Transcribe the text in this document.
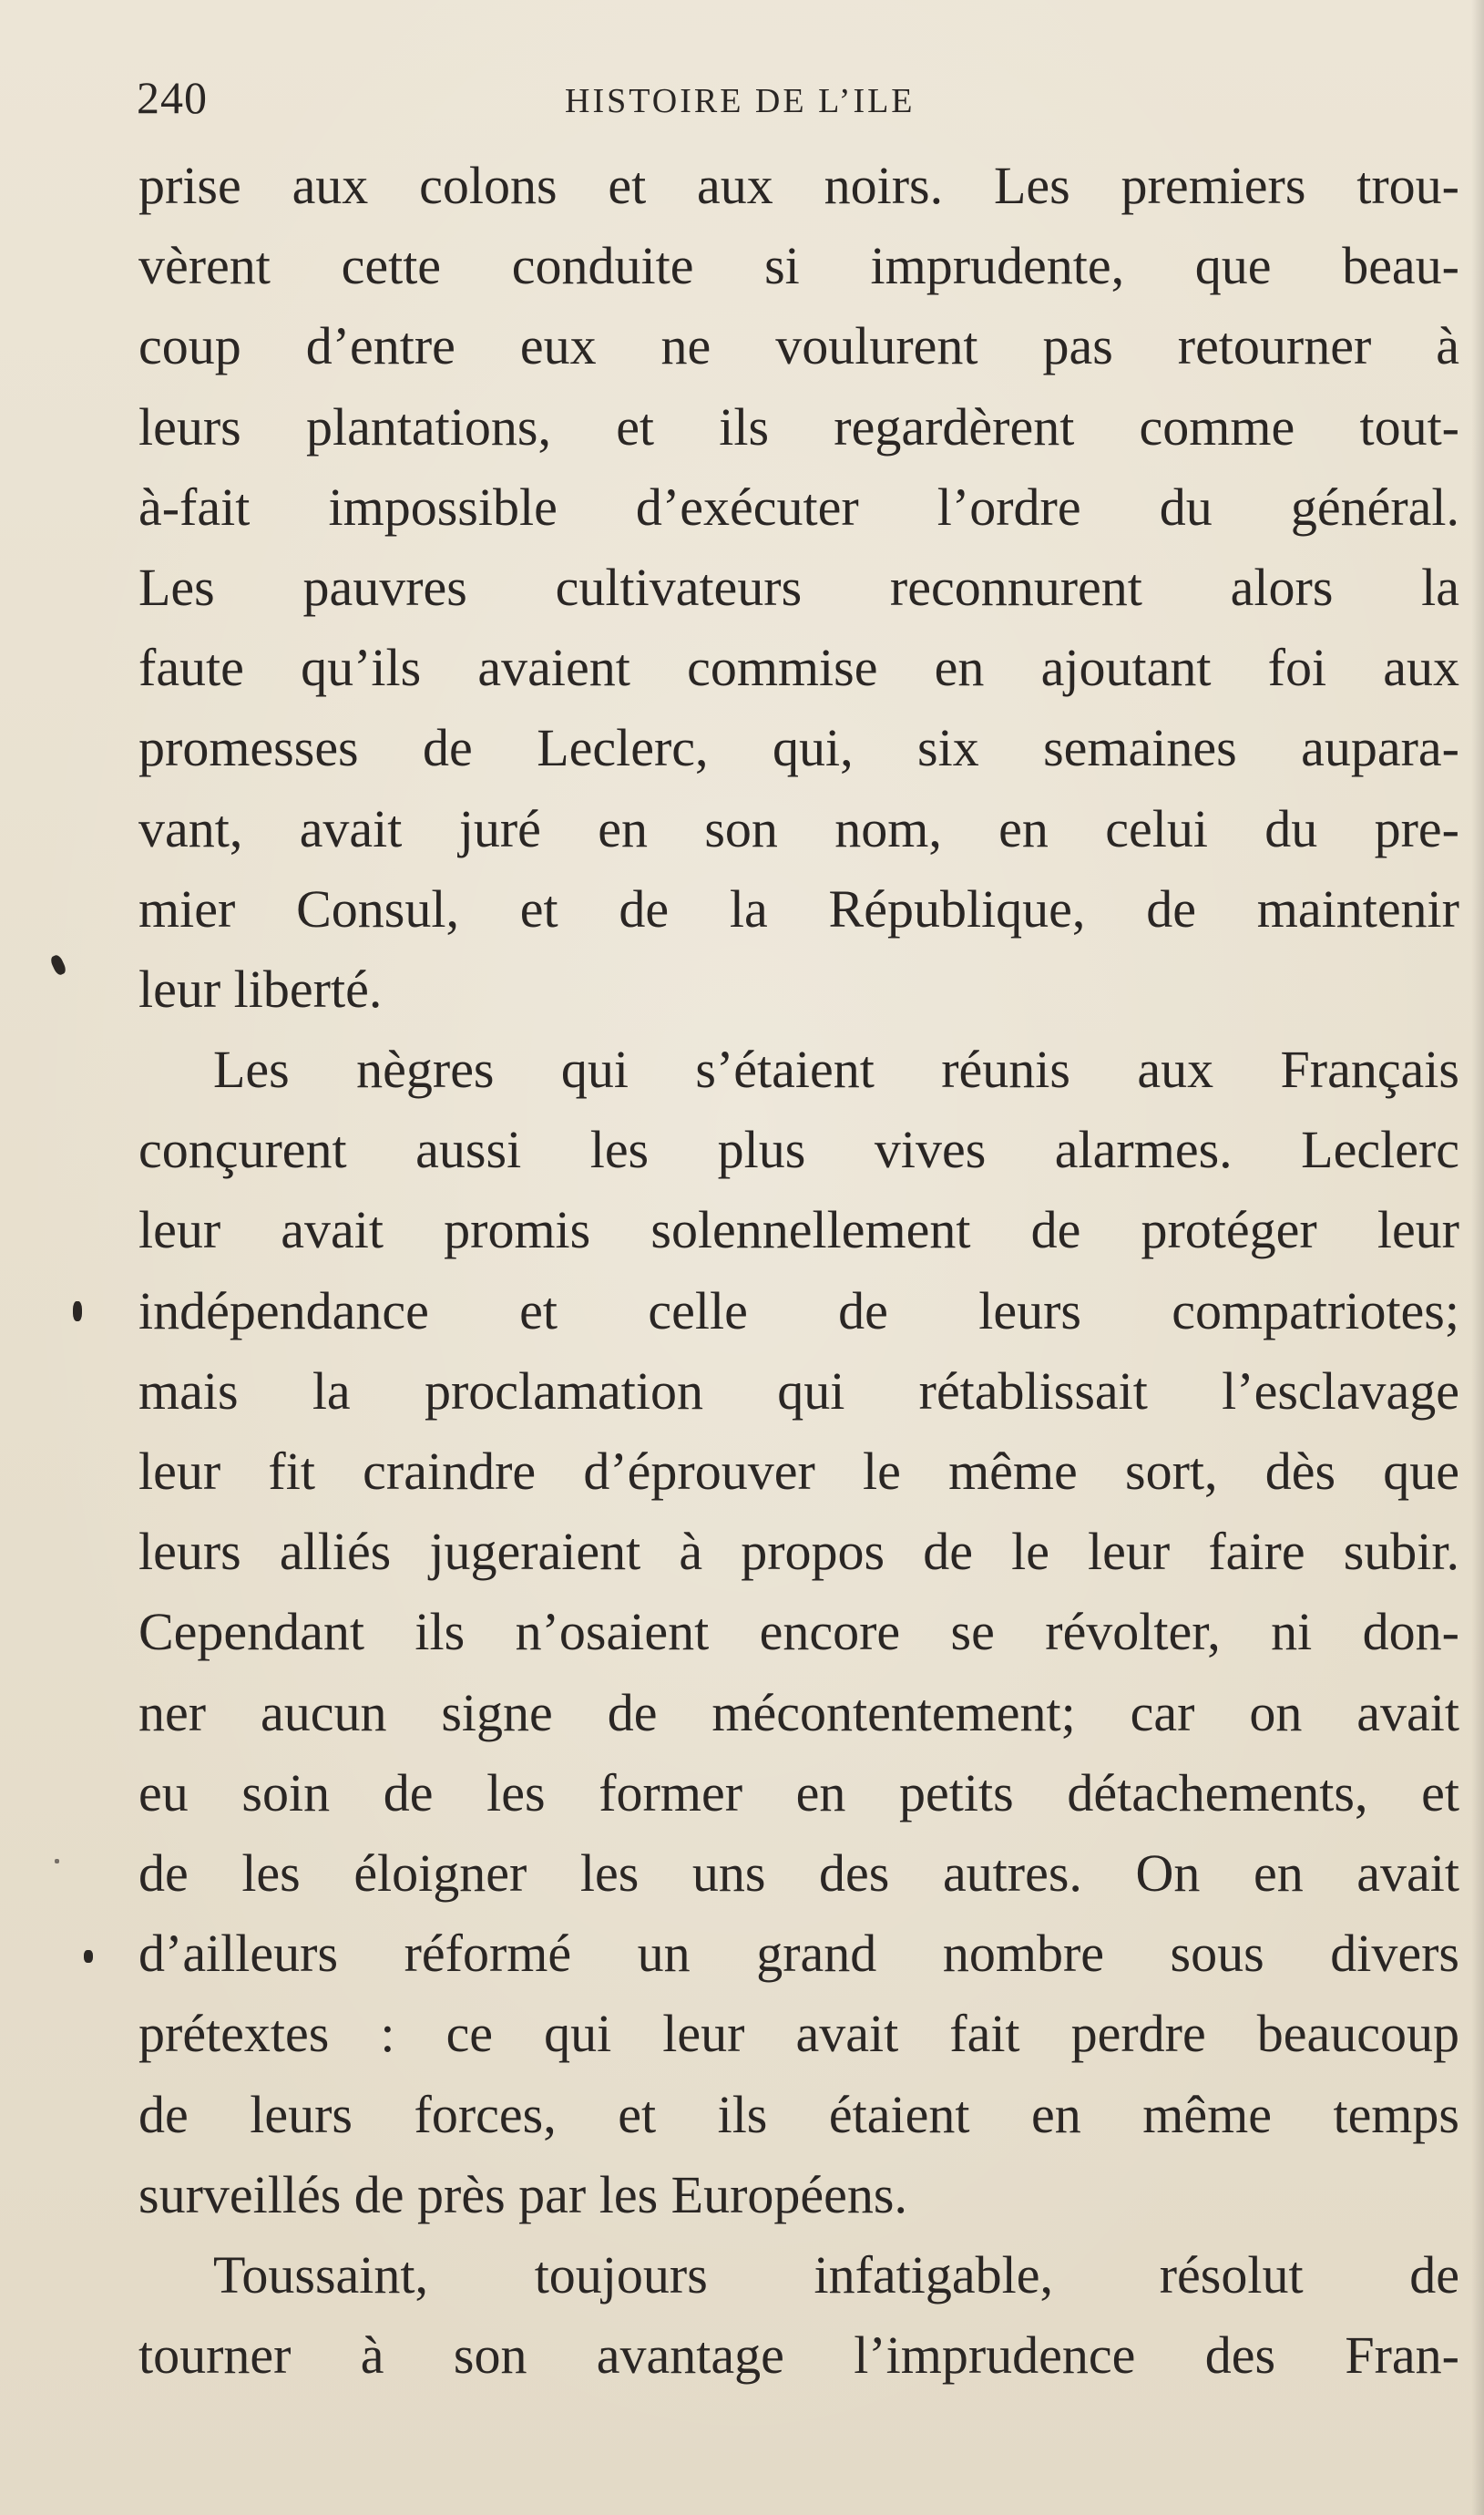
240	HISTOIRE DE L’ILE
prise aux colons et aux noirs. Les premiers trou-
vèrent cette conduite si imprudente, que beau-
coup d’entre eux ne voulurent pas retourner à
leurs plantations, et ils regardèrent comme tout-
à-fait impossible d’exécuter l’ordre du général.
Les pauvres cultivateurs reconnurent alors la
faute qu’ils avaient commise en ajoutant foi aux
promesses de Leclerc, qui, six semaines aupara-
vant, avait juré en son nom, en celui du pre-
mier Consul, et de la République, de maintenir
leur liberté.
Les nègres qui s’étaient réunis aux Français
conçurent aussi les plus vives alarmes. Leclerc
leur avait promis solennellement de protéger leur
indépendance et celle de leurs compatriotes;
mais la proclamation qui rétablissait l’esclavage
leur fit craindre d’éprouver le même sort, dès que
leurs alliés jugeraient à propos de le leur faire subir.
Cependant ils n’osaient encore se révolter, ni don-
ner aucun signe de mécontentement; car on avait
eu soin de les former en petits détachements, et
de les éloigner les uns des autres. On en avait
d’ailleurs réformé un grand nombre sous divers
prétextes : ce qui leur avait fait perdre beaucoup
de leurs forces, et ils étaient en même temps
surveillés de près par les Européens.
Toussaint, toujours infatigable, résolut de
tourner à son avantage l’imprudence des Fran-
